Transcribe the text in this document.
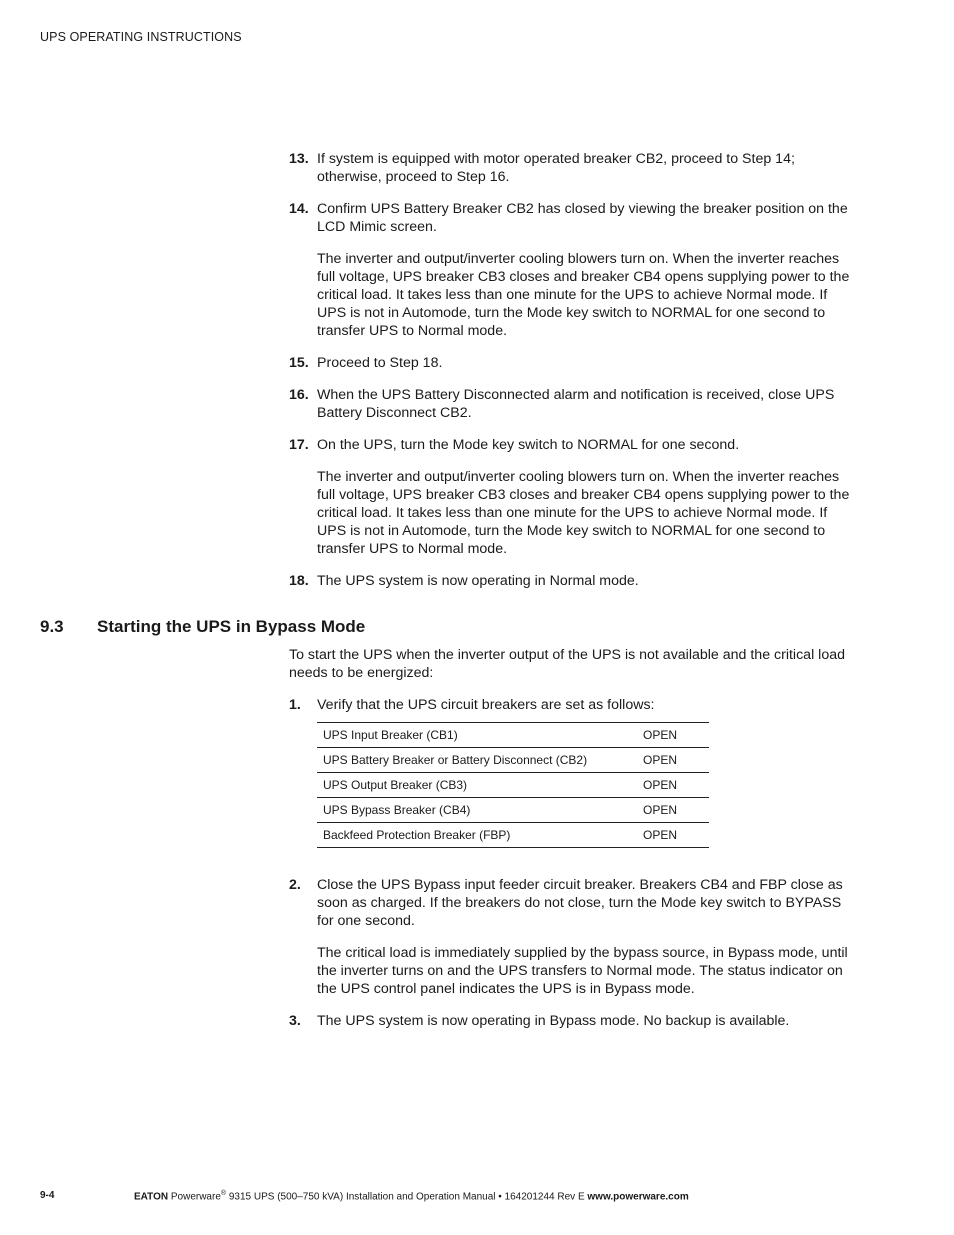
UPS OPERATING INSTRUCTIONS
13. If system is equipped with motor operated breaker CB2, proceed to Step 14; otherwise, proceed to Step 16.

14. Confirm UPS Battery Breaker CB2 has closed by viewing the breaker position on the LCD Mimic screen.

The inverter and output/inverter cooling blowers turn on. When the inverter reaches full voltage, UPS breaker CB3 closes and breaker CB4 opens supplying power to the critical load. It takes less than one minute for the UPS to achieve Normal mode. If UPS is not in Automode, turn the Mode key switch to NORMAL for one second to transfer UPS to Normal mode.

15. Proceed to Step 18.

16. When the UPS Battery Disconnected alarm and notification is received, close UPS Battery Disconnect CB2.

17. On the UPS, turn the Mode key switch to NORMAL for one second.

The inverter and output/inverter cooling blowers turn on. When the inverter reaches full voltage, UPS breaker CB3 closes and breaker CB4 opens supplying power to the critical load. It takes less than one minute for the UPS to achieve Normal mode. If UPS is not in Automode, turn the Mode key switch to NORMAL for one second to transfer UPS to Normal mode.

18. The UPS system is now operating in Normal mode.

9.3 Starting the UPS in Bypass Mode

To start the UPS when the inverter output of the UPS is not available and the critical load needs to be energized:

1. Verify that the UPS circuit breakers are set as follows:

UPS Input Breaker (CB1)	OPEN
UPS Battery Breaker or Battery Disconnect (CB2)	OPEN
UPS Output Breaker (CB3)	OPEN
UPS Bypass Breaker (CB4)	OPEN
Backfeed Protection Breaker (FBP)	OPEN
2. Close the UPS Bypass input feeder circuit breaker. Breakers CB4 and FBP close as soon as charged. If the breakers do not close, turn the Mode key switch to BYPASS for one second.

The critical load is immediately supplied by the bypass source, in Bypass mode, until the inverter turns on and the UPS transfers to Normal mode. The status indicator on the UPS control panel indicates the UPS is in Bypass mode.

3. The UPS system is now operating in Bypass mode. No backup is available.

9-4	EATON Powerware® 9315 UPS (500–750 kVA) Installation and Operation Manual • 164201244 Rev E www.powerware.com
